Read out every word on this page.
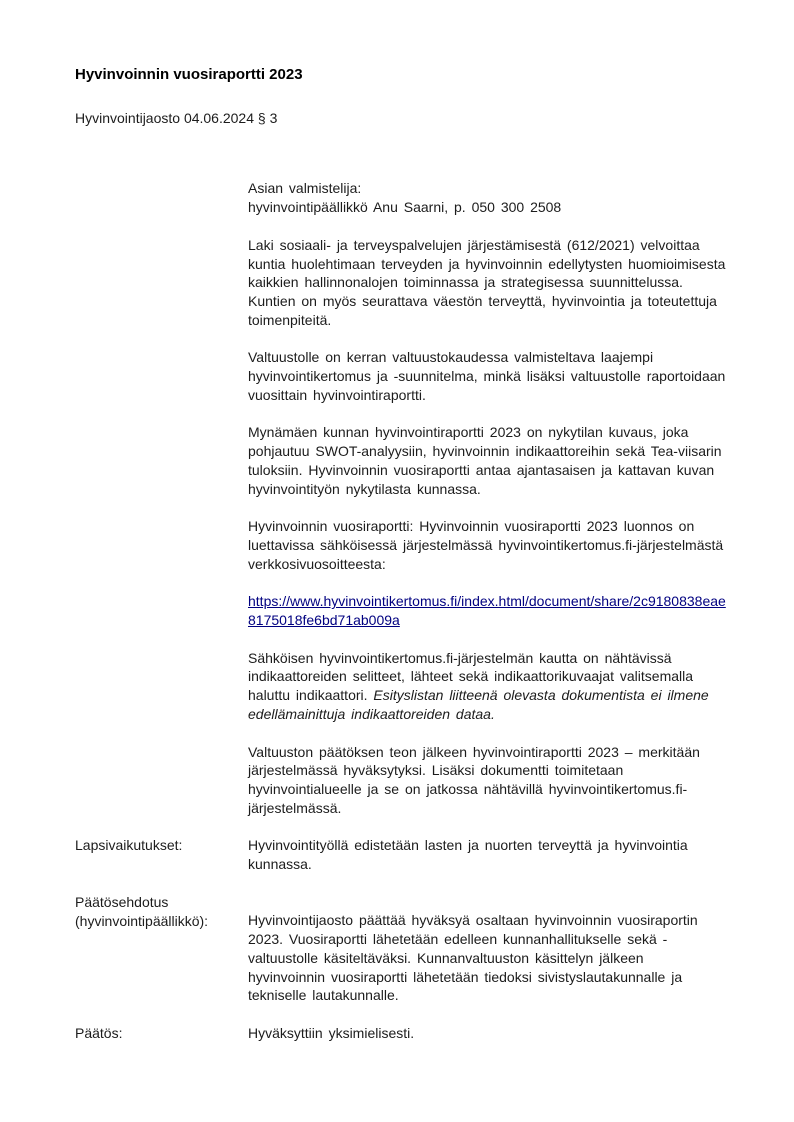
Hyvinvoinnin vuosiraportti 2023
Hyvinvointijaosto 04.06.2024 § 3

Asian valmistelija:

hyvinvointipäällikkö Anu Saarni, p. 050 300 2508

Laki sosiaali- ja terveyspalvelujen järjestämisestä (612/2021) velvoittaa kuntia huolehtimaan terveyden ja hyvinvoinnin edellytysten huomioimisesta kaikkien hallinnonalojen toiminnassa ja strategisessa suunnittelussa. Kuntien on myös seurattava väestön terveyttä, hyvinvointia ja toteutettuja toimenpiteitä.

Valtuustolle on kerran valtuustokaudessa valmisteltava laajempi hyvinvointikertomus ja -suunnitelma, minkä lisäksi valtuustolle raportoidaan vuosittain hyvinvointiraportti.

Mynämäen kunnan hyvinvointiraportti 2023 on nykytilan kuvaus, joka pohjautuu SWOT-analyysiin, hyvinvoinnin indikaattoreihin sekä Tea-viisarin tuloksiin. Hyvinvoinnin vuosiraportti antaa ajantasaisen ja kattavan kuvan hyvinvointityön nykytilasta kunnassa.

Hyvinvoinnin vuosiraportti: Hyvinvoinnin vuosiraportti 2023 luonnos on luettavissa sähköisessä järjestelmässä hyvinvointikertomus.fi-järjestelmästä verkkosivuosoitteesta:

https://www.hyvinvointikertomus.fi/index.html/document/share/2c9180838eae8175018fe6bd71ab009a

Sähköisen hyvinvointikertomus.fi-järjestelmän kautta on nähtävissä indikaattoreiden selitteet, lähteet sekä indikaattorikuvaajat valitsemalla haluttu indikaattori. Esityslistan liitteenä olevasta dokumentista ei ilmene edellämainittuja indikaattoreiden dataa.

Valtuuston päätöksen teon jälkeen hyvinvointiraportti 2023 – merkitään järjestelmässä hyväksytyksi. Lisäksi dokumentti toimitetaan hyvinvointialueelle ja se on jatkossa nähtävillä hyvinvointikertomus.fi-järjestelmässä.

Lapsivaikutukset:	Hyvinvointityöllä edistetään lasten ja nuorten terveyttä ja hyvinvointia kunnassa.

Päätösehdotus
(hyvinvointipäällikkö):	Hyvinvointijaosto päättää hyväksyä osaltaan hyvinvoinnin vuosiraportin 2023. Vuosiraportti lähetetään edelleen kunnanhallitukselle sekä -valtuustolle käsiteltäväksi. Kunnanvaltuuston käsittelyn jälkeen hyvinvoinnin vuosiraportti lähetetään tiedoksi sivistyslautakunnalle ja tekniselle lautakunnalle.

Päätös:	Hyväksyttiin yksimielisesti.
